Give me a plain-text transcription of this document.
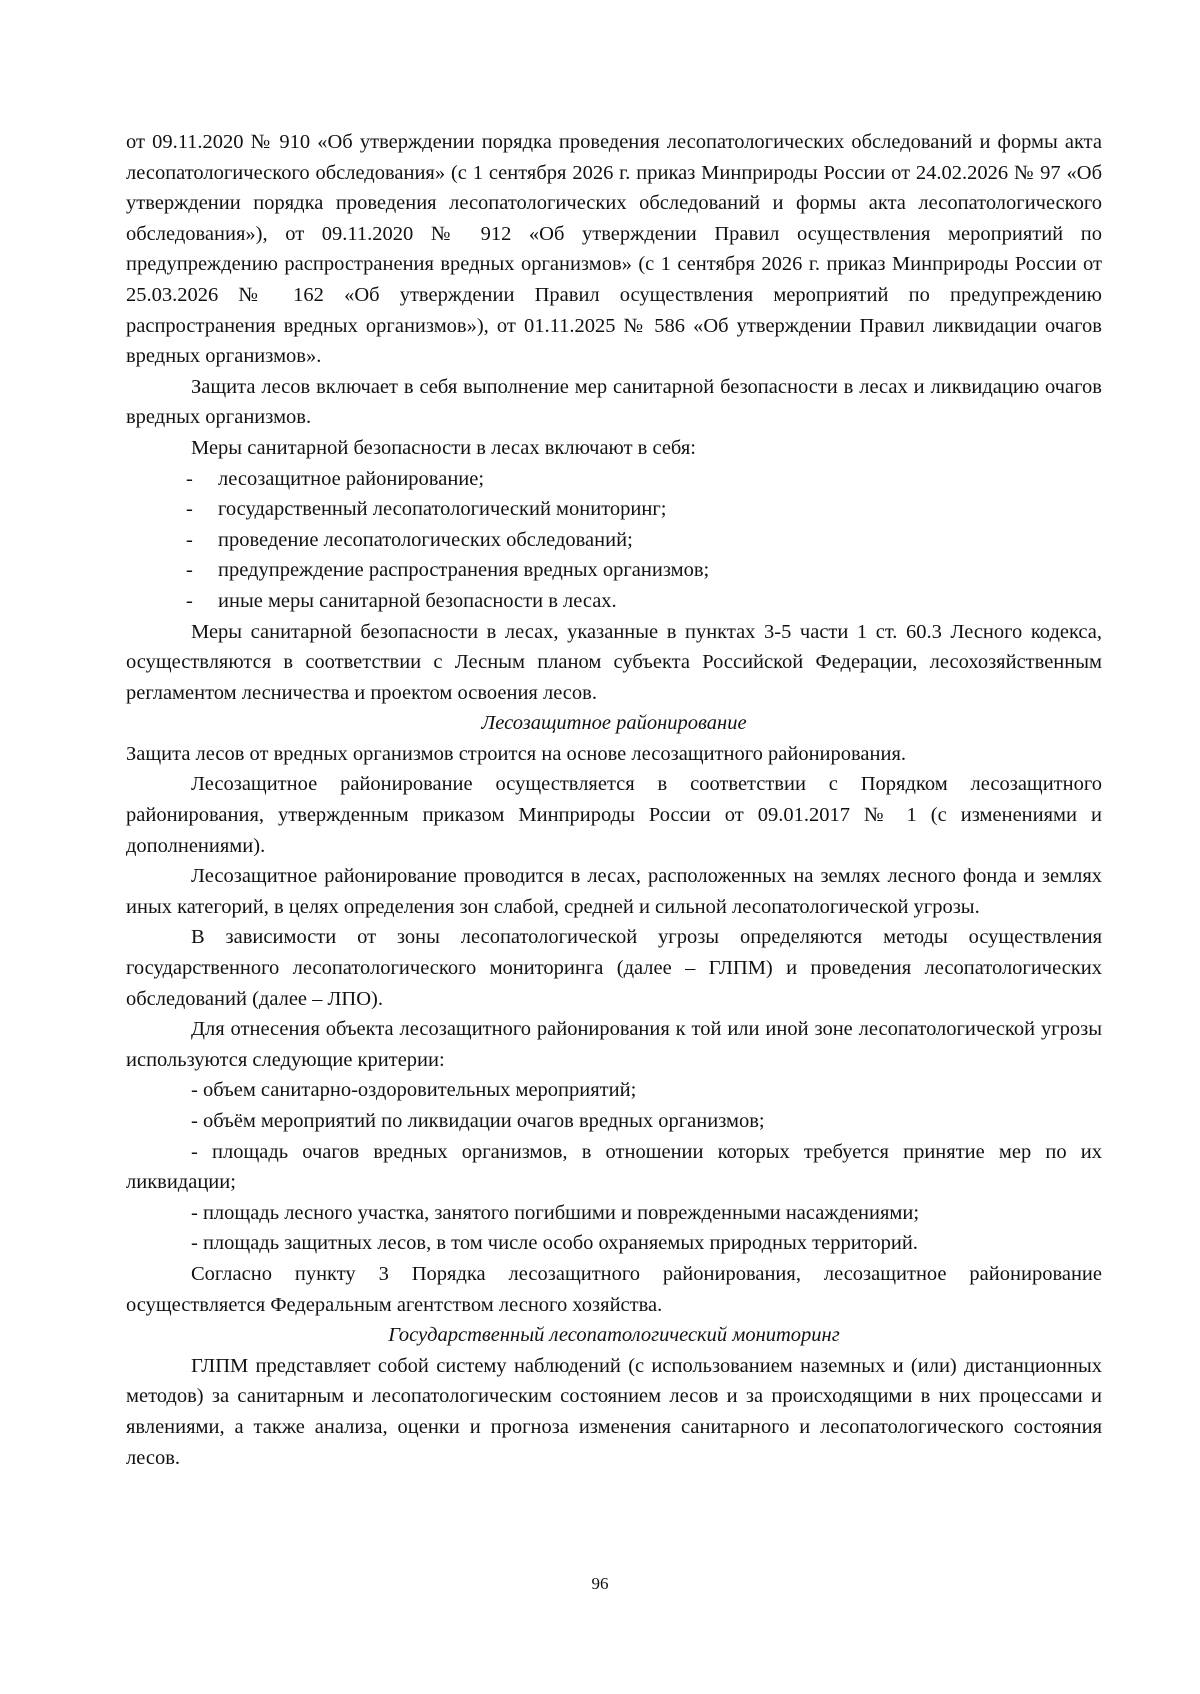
от 09.11.2020 № 910 «Об утверждении порядка проведения лесопатологических обследований и формы акта лесопатологического обследования» (с 1 сентября 2026 г. приказ Минприроды России от 24.02.2026 № 97 «Об утверждении порядка проведения лесопатологических обследований и формы акта лесопатологического обследования»), от 09.11.2020 № 912 «Об утверждении Правил осуществления мероприятий по предупреждению распространения вредных организмов» (с 1 сентября 2026 г. приказ Минприроды России от 25.03.2026 № 162 «Об утверждении Правил осуществления мероприятий по предупреждению распространения вредных организмов»), от 01.11.2025 № 586 «Об утверждении Правил ликвидации очагов вредных организмов».

Защита лесов включает в себя выполнение мер санитарной безопасности в лесах и ликвидацию очагов вредных организмов.

Меры санитарной безопасности в лесах включают в себя:

- лесозащитное районирование;
- государственный лесопатологический мониторинг;
- проведение лесопатологических обследований;
- предупреждение распространения вредных организмов;
- иные меры санитарной безопасности в лесах.

Меры санитарной безопасности в лесах, указанные в пунктах 3-5 части 1 ст. 60.3 Лесного кодекса, осуществляются в соответствии с Лесным планом субъекта Российской Федерации, лесохозяйственным регламентом лесничества и проектом освоения лесов.

Лесозащитное районирование

Защита лесов от вредных организмов строится на основе лесозащитного районирования.

Лесозащитное районирование осуществляется в соответствии с Порядком лесозащитного районирования, утвержденным приказом Минприроды России от 09.01.2017 № 1 (с изменениями и дополнениями).

Лесозащитное районирование проводится в лесах, расположенных на землях лесного фонда и землях иных категорий, в целях определения зон слабой, средней и сильной лесопатологической угрозы.

В зависимости от зоны лесопатологической угрозы определяются методы осуществления государственного лесопатологического мониторинга (далее – ГЛПМ) и проведения лесопатологических обследований (далее – ЛПО).

Для отнесения объекта лесозащитного районирования к той или иной зоне лесопатологической угрозы используются следующие критерии:

- объем санитарно-оздоровительных мероприятий;
- объём мероприятий по ликвидации очагов вредных организмов;
- площадь очагов вредных организмов, в отношении которых требуется принятие мер по их ликвидации;
- площадь лесного участка, занятого погибшими и поврежденными насаждениями;
- площадь защитных лесов, в том числе особо охраняемых природных территорий.

Согласно пункту 3 Порядка лесозащитного районирования, лесозащитное районирование осуществляется Федеральным агентством лесного хозяйства.

Государственный лесопатологический мониторинг

ГЛПМ представляет собой систему наблюдений (с использованием наземных и (или) дистанционных методов) за санитарным и лесопатологическим состоянием лесов и за происходящими в них процессами и явлениями, а также анализа, оценки и прогноза изменения санитарного и лесопатологического состояния лесов.

96
